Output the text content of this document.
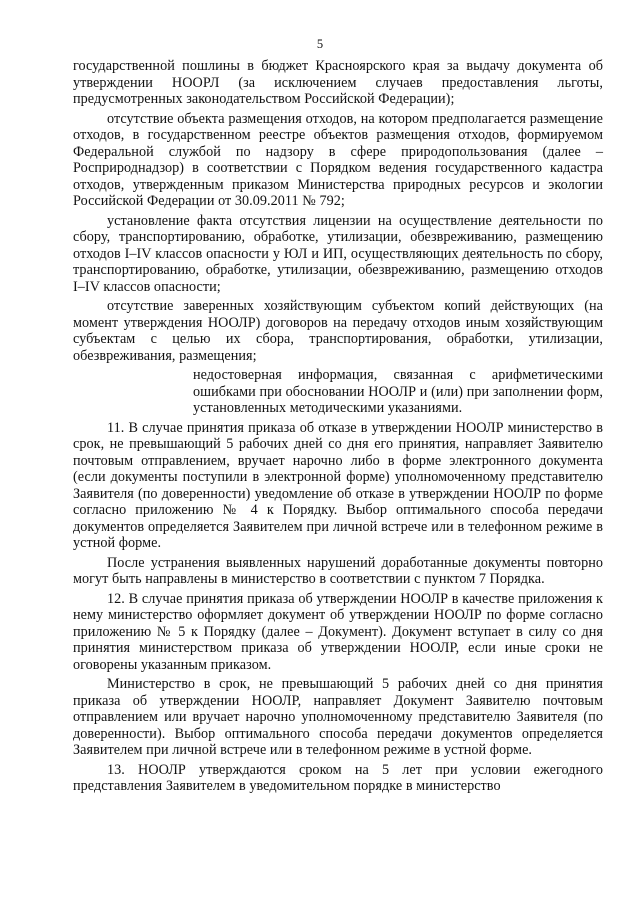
5

государственной пошлины в бюджет Красноярского края за выдачу документа об утверждении НООРЛ (за исключением случаев предоставления льготы, предусмотренных законодательством Российской Федерации);

отсутствие объекта размещения отходов, на котором предполагается размещение отходов, в государственном реестре объектов размещения отходов, формируемом Федеральной службой по надзору в сфере природопользования (далее – Росприроднадзор) в соответствии с Порядком ведения государственного кадастра отходов, утвержденным приказом Министерства природных ресурсов и экологии Российской Федерации от 30.09.2011 № 792;

установление факта отсутствия лицензии на осуществление деятельности по сбору, транспортированию, обработке, утилизации, обезвреживанию, размещению отходов I–IV классов опасности у ЮЛ и ИП, осуществляющих деятельность по сбору, транспортированию, обработке, утилизации, обезвреживанию, размещению отходов I–IV классов опасности;

отсутствие заверенных хозяйствующим субъектом копий действующих (на момент утверждения НООЛР) договоров на передачу отходов иным хозяйствующим субъектам с целью их сбора, транспортирования, обработки, утилизации, обезвреживания, размещения;

недостоверная информация, связанная с арифметическими ошибками при обосновании НООЛР и (или) при заполнении форм, установленных методическими указаниями.

11. В случае принятия приказа об отказе в утверждении НООЛР министерство в срок, не превышающий 5 рабочих дней со дня его принятия, направляет Заявителю почтовым отправлением, вручает нарочно либо в форме электронного документа (если документы поступили в электронной форме) уполномоченному представителю Заявителя (по доверенности) уведомление об отказе в утверждении НООЛР по форме согласно приложению № 4 к Порядку. Выбор оптимального способа передачи документов определяется Заявителем при личной встрече или в телефонном режиме в устной форме.

После устранения выявленных нарушений доработанные документы повторно могут быть направлены в министерство в соответствии с пунктом 7 Порядка.

12. В случае принятия приказа об утверждении НООЛР в качестве приложения к нему министерство оформляет документ об утверждении НООЛР по форме согласно приложению № 5 к Порядку (далее – Документ). Документ вступает в силу со дня принятия министерством приказа об утверждении НООЛР, если иные сроки не оговорены указанным приказом.

Министерство в срок, не превышающий 5 рабочих дней со дня принятия приказа об утверждении НООЛР, направляет Документ Заявителю почтовым отправлением или вручает нарочно уполномоченному представителю Заявителя (по доверенности). Выбор оптимального способа передачи документов определяется Заявителем при личной встрече или в телефонном режиме в устной форме.

13. НООЛР утверждаются сроком на 5 лет при условии ежегодного представления Заявителем в уведомительном порядке в министерство
